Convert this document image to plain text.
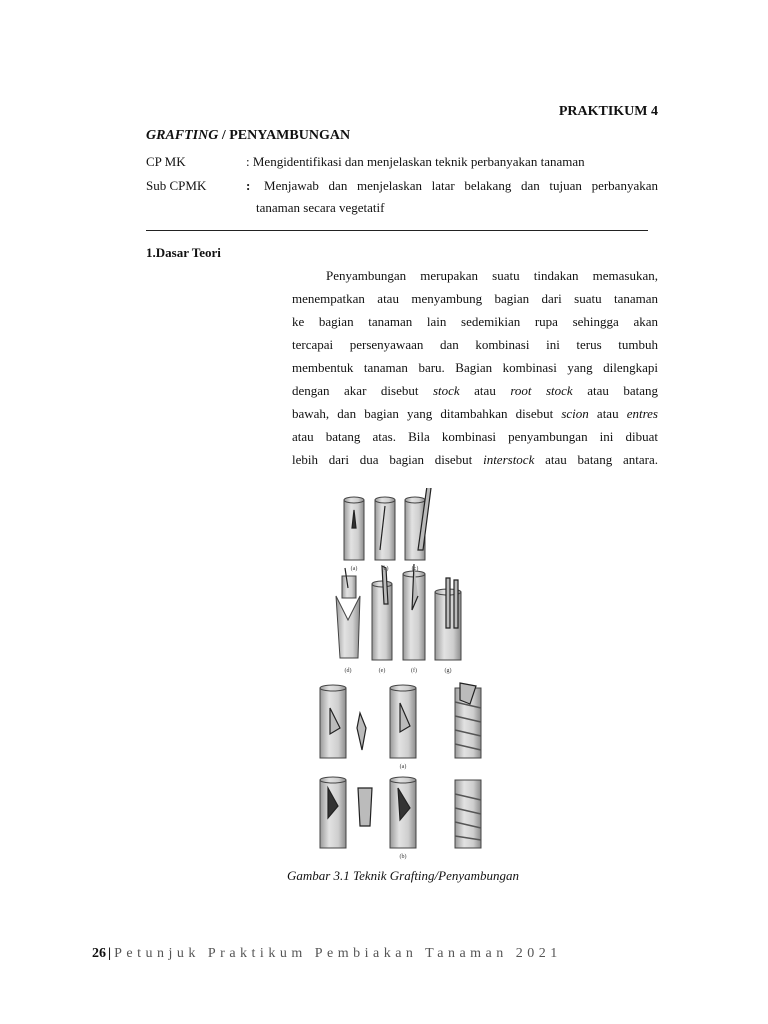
PRAKTIKUM 4
GRAFTING / PENYAMBUNGAN
CP MK	: Mengidentifikasi dan menjelaskan teknik perbanyakan tanaman
Sub CPMK	: Menjawab dan menjelaskan latar belakang dan tujuan perbanyakan
tanaman secara vegetatif
1.Dasar Teori
Penyambungan merupakan suatu tindakan memasukan,
menempatkan atau menyambung bagian dari suatu tanaman
ke bagian tanaman lain sedemikian rupa sehingga akan
tercapai persenyawaan dan kombinasi ini terus tumbuh
membentuk tanaman baru. Bagian kombinasi yang dilengkapi
dengan akar disebut stock atau root stock atau batang
bawah, dan bagian yang ditambahkan disebut scion atau entres
atau batang atas. Bila kombinasi penyambungan ini dibuat
lebih dari dua bagian disebut interstock atau batang antara.
(a)	(b)	(c)
(d)	(e)	(f)	(g)
(a)
(b)
Gambar 3.1 Teknik Grafting/Penyambungan
26 | Petunjuk Praktikum Pembiakan Tanaman 2021
